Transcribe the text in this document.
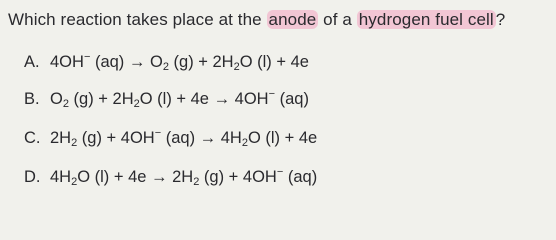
Which reaction takes place at the anode of a hydrogen fuel cell ?
A. 4OH− $(aq) \to O_2$ $(g) + 2H_2O$ (l) + 4e
B. $O_2$ $(g) + 2H_2O$ (l) + 4e → 4OH− (aq)
C. $2H_2$ (g) + 4OH− $(aq) \to 4H_2O$ (l) + 4e
D. $4H_2O$ $(l) + 4e \to 2H_2$ (g) + 4OH− (aq)
